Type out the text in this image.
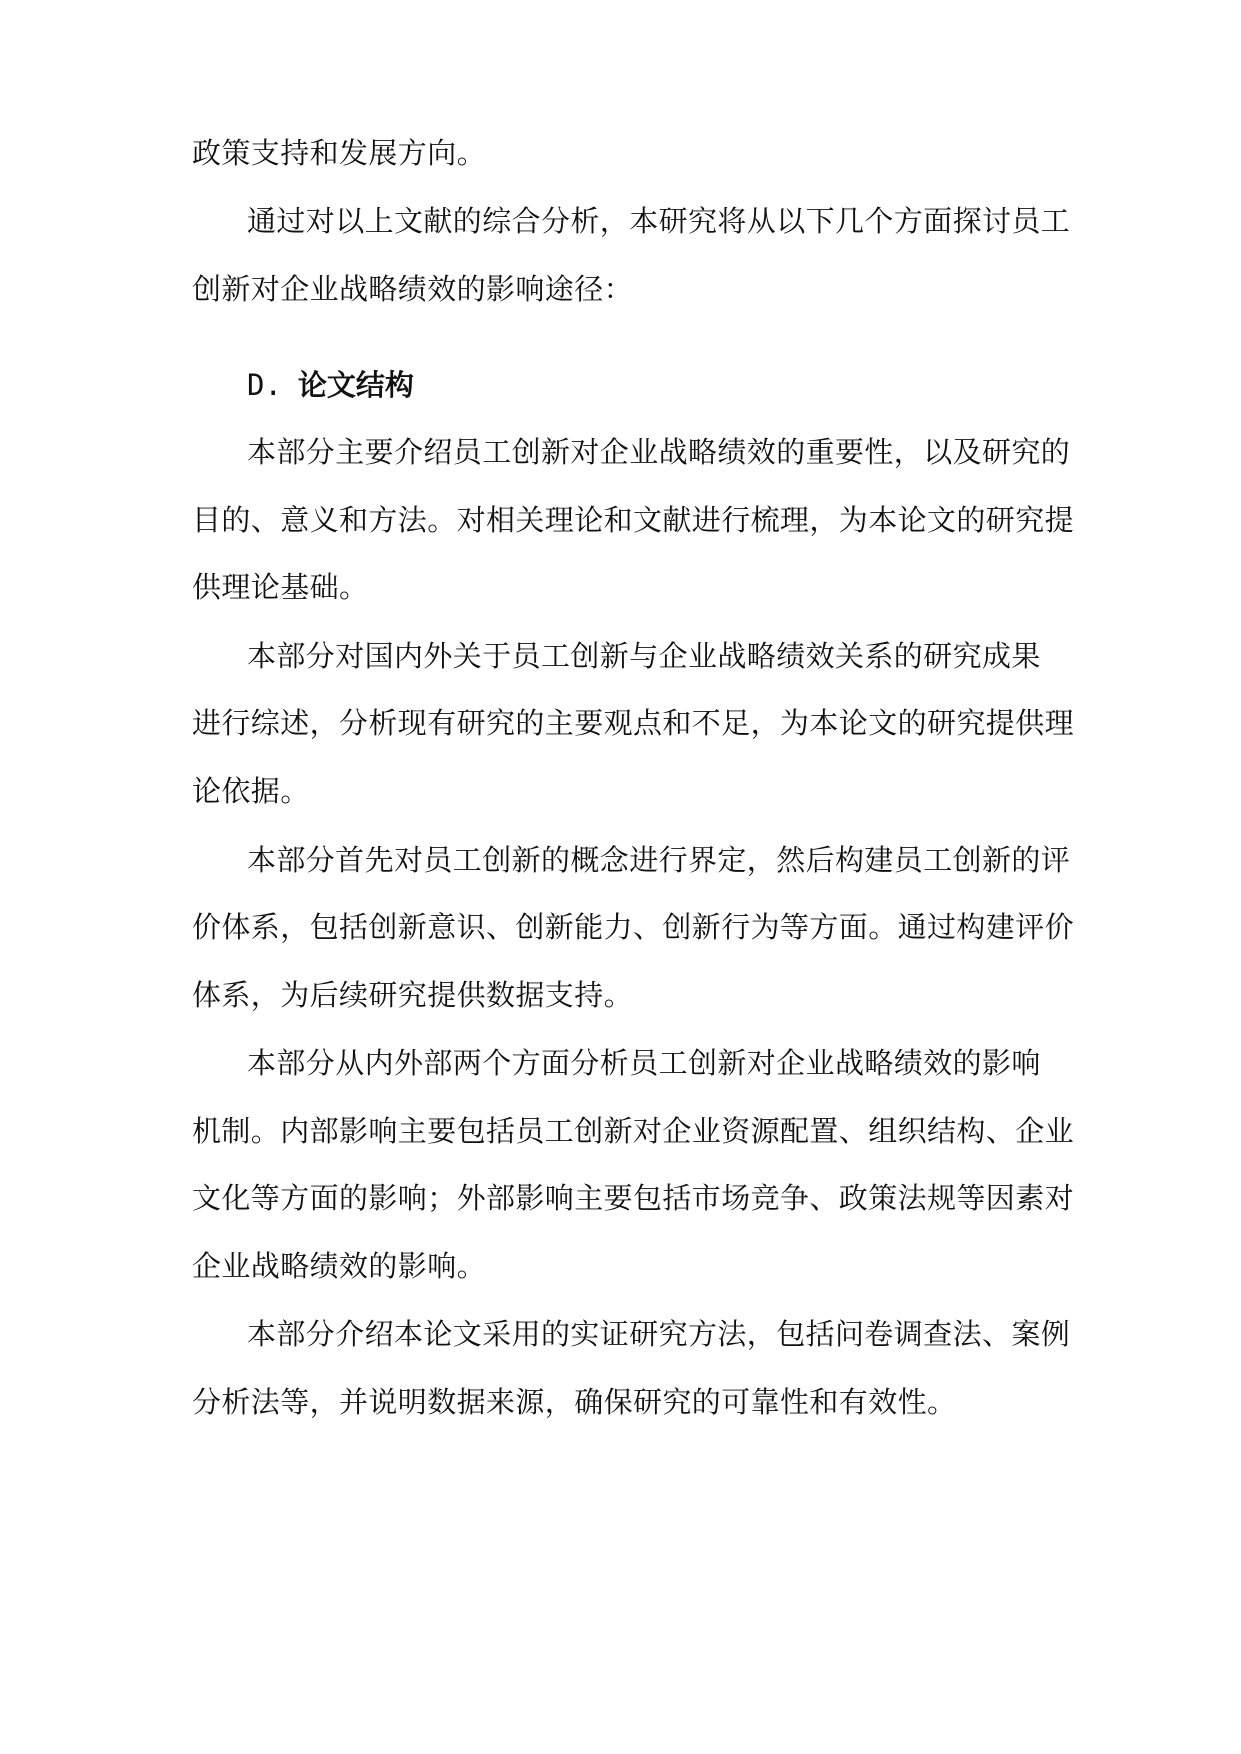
政策支持和发展方向。
通过对以上文献的综合分析，本研究将从以下几个方面探讨员工
创新对企业战略绩效的影响途径：
D. 论文结构
本部分主要介绍员工创新对企业战略绩效的重要性，以及研究的
目的、意义和方法。对相关理论和文献进行梳理，为本论文的研究提
供理论基础。
本部分对国内外关于员工创新与企业战略绩效关系的研究成果
进行综述，分析现有研究的主要观点和不足，为本论文的研究提供理
论依据。
本部分首先对员工创新的概念进行界定，然后构建员工创新的评
价体系，包括创新意识、创新能力、创新行为等方面。通过构建评价
体系，为后续研究提供数据支持。
本部分从内外部两个方面分析员工创新对企业战略绩效的影响
机制。内部影响主要包括员工创新对企业资源配置、组织结构、企业
文化等方面的影响；外部影响主要包括市场竞争、政策法规等因素对
企业战略绩效的影响。
本部分介绍本论文采用的实证研究方法，包括问卷调查法、案例
分析法等，并说明数据来源，确保研究的可靠性和有效性。
